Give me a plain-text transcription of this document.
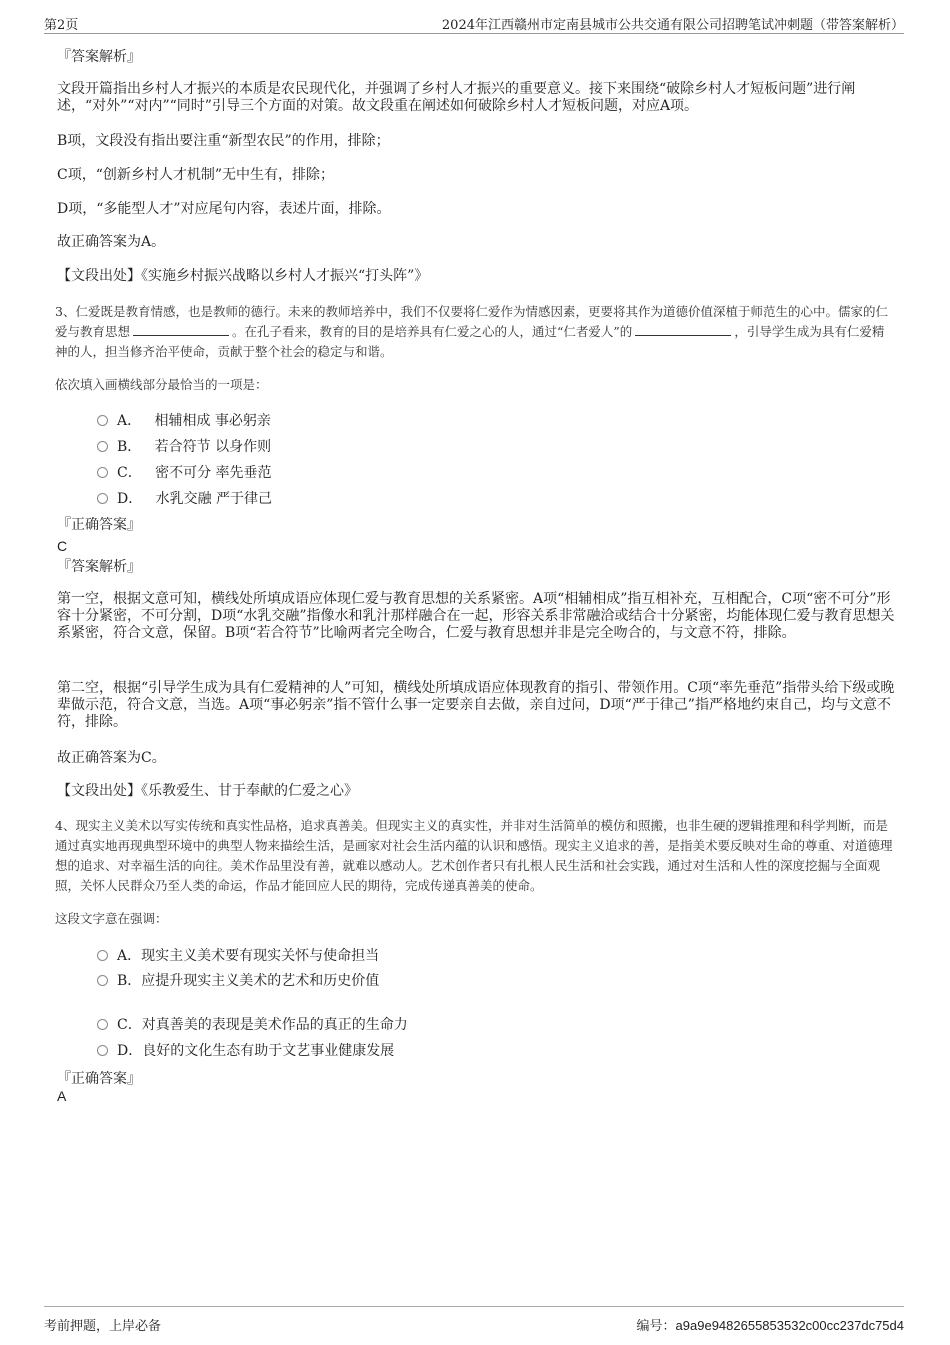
第2页	2024年江西赣州市定南县城市公共交通有限公司招聘笔试冲刺题（带答案解析）
『答案解析』
文段开篇指出乡村人才振兴的本质是农民现代化，并强调了乡村人才振兴的重要意义。接下来围绕“破除乡村人才短板问题”进行阐述，“对外”“对内”“同时”引导三个方面的对策。故文段重在阐述如何破除乡村人才短板问题，对应A项。
B项，文段没有指出要注重“新型农民”的作用，排除；
C项，“创新乡村人才机制”无中生有，排除；
D项，“多能型人才”对应尾句内容，表述片面，排除。
故正确答案为A。
【文段出处】《实施乡村振兴战略以乡村人才振兴“打头阵”》
3、仁爱既是教育情感，也是教师的德行。未来的教师培养中，我们不仅要将仁爱作为情感因素，更要将其作为道德价值深植于师范生的心中。儒家的仁爱与教育思想	。在孔子看来，教育的目的是培养具有仁爱之心的人，通过“仁者爱人”的	，引导学生成为具有仁爱精神的人，担当修齐治平使命，贡献于整个社会的稳定与和谐。
依次填入画横线部分最恰当的一项是：
A． 相辅相成 事必躬亲
B． 若合符节 以身作则
C． 密不可分 率先垂范
D． 水乳交融 严于律己
『正确答案』
C
『答案解析』
第一空，根据文意可知，横线处所填成语应体现仁爱与教育思想的关系紧密。A项“相辅相成”指互相补充，互相配合，C项“密不可分”形容十分紧密，不可分割，D项“水乳交融”指像水和乳汁那样融合在一起，形容关系非常融洽或结合十分紧密，均能体现仁爱与教育思想关系紧密，符合文意，保留。B项“若合符节”比喻两者完全吻合，仁爱与教育思想并非是完全吻合的，与文意不符，排除。
第二空，根据“引导学生成为具有仁爱精神的人”可知，横线处所填成语应体现教育的指引、带领作用。C项“率先垂范”指带头给下级或晚辈做示范，符合文意，当选。A项“事必躬亲”指不管什么事一定要亲自去做，亲自过问，D项“严于律己”指严格地约束自己，均与文意不符，排除。
故正确答案为C。
【文段出处】《乐教爱生、甘于奉献的仁爱之心》
4、现实主义美术以写实传统和真实性品格，追求真善美。但现实主义的真实性，并非对生活简单的模仿和照搬，也非生硬的逻辑推理和科学判断，而是通过真实地再现典型环境中的典型人物来描绘生活，是画家对社会生活内蕴的认识和感悟。现实主义追求的善，是指美术要反映对生命的尊重、对道德理想的追求、对幸福生活的向往。美术作品里没有善，就难以感动人。艺术创作者只有扎根人民生活和社会实践，通过对生活和人性的深度挖掘与全面观照，关怀人民群众乃至人类的命运，作品才能回应人民的期待，完成传递真善美的使命。
这段文字意在强调：
A．现实主义美术要有现实关怀与使命担当
B．应提升现实主义美术的艺术和历史价值
C．对真善美的表现是美术作品的真正的生命力
D．良好的文化生态有助于文艺事业健康发展
『正确答案』
A
考前押题，上岸必备	编号：a9a9e9482655853532c00cc237dc75d4
